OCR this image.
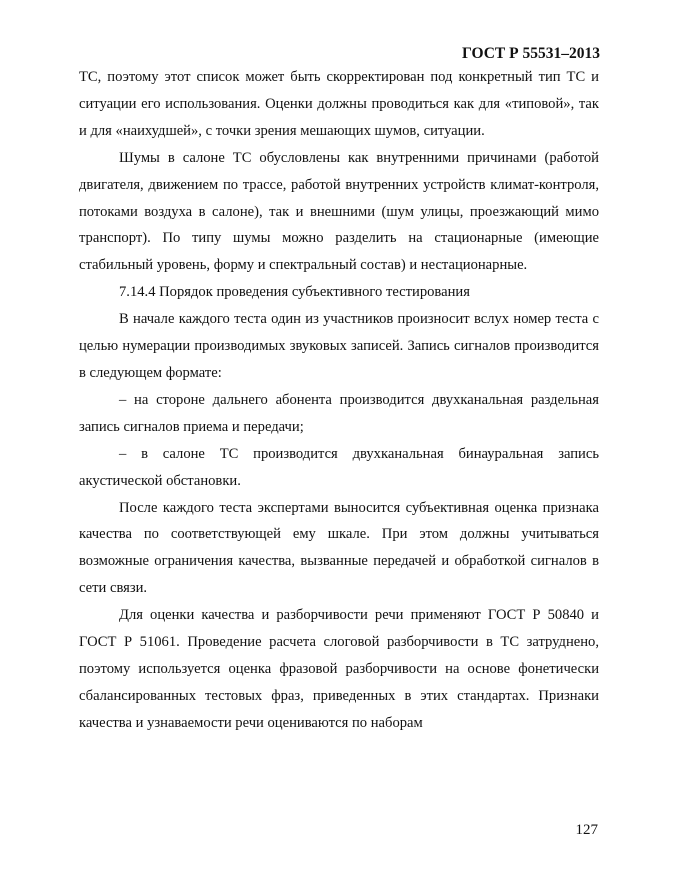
ГОСТ Р 55531–2013

ТС, поэтому этот список может быть скорректирован под конкретный тип ТС и ситуации его использования. Оценки должны проводиться как для «типовой», так и для «наихудшей», с точки зрения мешающих шумов, ситуации.

Шумы в салоне ТС обусловлены как внутренними причинами (работой двигателя, движением по трассе, работой внутренних устройств климат-контроля, потоками воздуха в салоне), так и внешними (шум улицы, проезжающий мимо транспорт). По типу шумы можно разделить на стационарные (имеющие стабильный уровень, форму и спектральный состав) и нестационарные.

7.14.4 Порядок проведения субъективного тестирования

В начале каждого теста один из участников произносит вслух номер теста с целью нумерации производимых звуковых записей. Запись сигналов производится в следующем формате:

– на стороне дальнего абонента производится двухканальная раздельная запись сигналов приема и передачи;

– в салоне ТС производится двухканальная бинауральная запись акустической обстановки.

После каждого теста экспертами выносится субъективная оценка признака качества по соответствующей ему шкале. При этом должны учитываться возможные ограничения качества, вызванные передачей и обработкой сигналов в сети связи.

Для оценки качества и разборчивости речи применяют ГОСТ Р 50840 и ГОСТ Р 51061. Проведение расчета слоговой разборчивости в ТС затруднено, поэтому используется оценка фразовой разборчивости на основе фонетически сбалансированных тестовых фраз, приведенных в этих стандартах. Признаки качества и узнаваемости речи оцениваются по наборам

127
